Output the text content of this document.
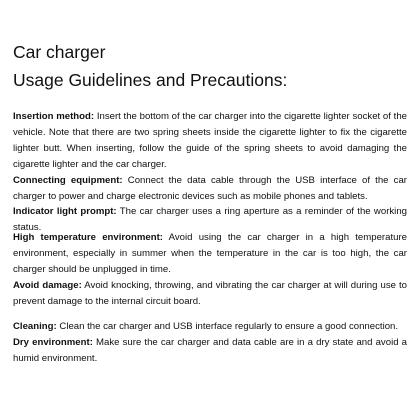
Car charger
Usage Guidelines and Precautions:

Insertion method: Insert the bottom of the car charger into the cigarette lighter socket of the vehicle. Note that there are two spring sheets inside the cigarette lighter to fix the cigarette lighter butt. When inserting, follow the guide of the spring sheets to avoid damaging the cigarette lighter and the car charger.

Connecting equipment: Connect the data cable through the USB interface of the car charger to power and charge electronic devices such as mobile phones and tablets.

Indicator light prompt: The car charger uses a ring aperture as a reminder of the working status.

High temperature environment: Avoid using the car charger in a high temperature environment, especially in summer when the temperature in the car is too high, the car charger should be unplugged in time.

Avoid damage: Avoid knocking, throwing, and vibrating the car charger at will during use to prevent damage to the internal circuit board.

Cleaning: Clean the car charger and USB interface regularly to ensure a good connection.

Dry environment: Make sure the car charger and data cable are in a dry state and avoid a humid environment.
